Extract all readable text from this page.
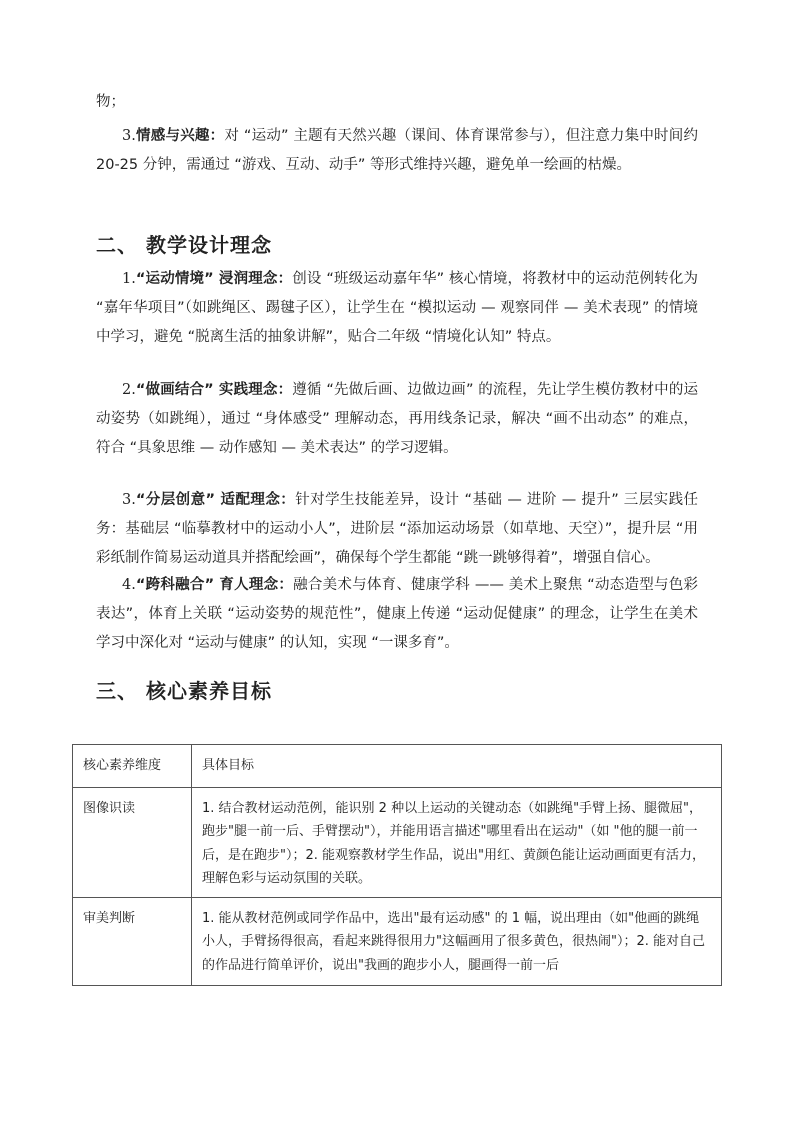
物；

3.情感与兴趣：对 “运动” 主题有天然兴趣（课间、体育课常参与），但注意力集中时间约 20-25 分钟，需通过 “游戏、互动、动手” 等形式维持兴趣，避免单一绘画的枯燥。

二、 教学设计理念

1.“运动情境” 浸润理念：创设 “班级运动嘉年华” 核心情境，将教材中的运动范例转化为 “嘉年华项目”（如跳绳区、踢毽子区），让学生在 “模拟运动 — 观察同伴 — 美术表现” 的情境中学习，避免 “脱离生活的抽象讲解”，贴合二年级 “情境化认知” 特点。

2.“做画结合” 实践理念：遵循 “先做后画、边做边画” 的流程，先让学生模仿教材中的运动姿势（如跳绳），通过 “身体感受” 理解动态，再用线条记录，解决 “画不出动态” 的难点，符合 “具象思维 — 动作感知 — 美术表达” 的学习逻辑。

3.“分层创意” 适配理念：针对学生技能差异，设计 “基础 — 进阶 — 提升” 三层实践任务：基础层 “临摹教材中的运动小人”，进阶层 “添加运动场景（如草地、天空）”，提升层 “用彩纸制作简易运动道具并搭配绘画”，确保每个学生都能 “跳一跳够得着”，增强自信心。

4.“跨科融合” 育人理念：融合美术与体育、健康学科 —— 美术上聚焦 “动态造型与色彩表达”，体育上关联 “运动姿势的规范性”，健康上传递 “运动促健康” 的理念，让学生在美术学习中深化对 “运动与健康” 的认知，实现 “一课多育”。

三、 核心素养目标
核心素养维度	具体目标
图像识读	1. 结合教材运动范例，能识别 2 种以上运动的关键动态（如跳绳"手臂上扬、腿微屈"，跑步"腿一前一后、手臂摆动"），并能用语言描述"哪里看出在运动"（如 "他的腿一前一后，是在跑步"）；2. 能观察教材学生作品，说出"用红、黄颜色能让运动画面更有活力，理解色彩与运动氛围的关联。

审美判断	1. 能从教材范例或同学作品中，选出"最有运动感" 的 1 幅，说出理由（如"他画的跳绳小人，手臂扬得很高，看起来跳得很用力"这幅画用了很多黄色，很热闹"）；2. 能对自己的作品进行简单评价，说出"我画的跑步小人，腿画得一前一后
